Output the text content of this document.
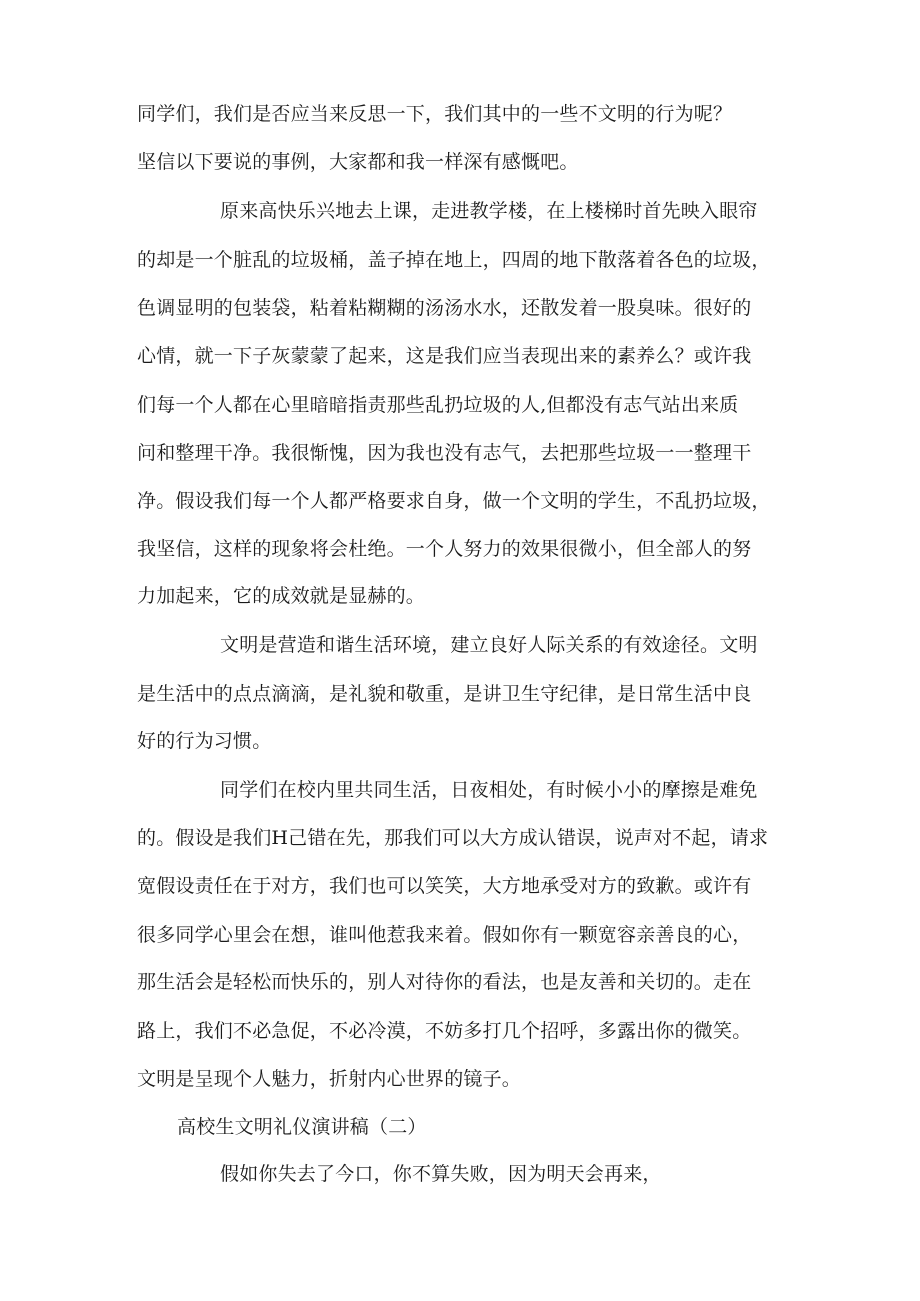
同学们，我们是否应当来反思一下，我们其中的一些不文明的行为呢？
坚信以下要说的事例，大家都和我一样深有感慨吧。
原来高快乐兴地去上课，走进教学楼，在上楼梯时首先映入眼帘
的却是一个脏乱的垃圾桶，盖子掉在地上，四周的地下散落着各色的垃圾，
色调显明的包装袋，粘着粘糊糊的汤汤水水，还散发着一股臭味。很好的
心情，就一下子灰蒙蒙了起来，这是我们应当表现出来的素养么？或许我
们每一个人都在心里暗暗指责那些乱扔垃圾的人,但都没有志气站出来质
问和整理干净。我很惭愧，因为我也没有志气，去把那些垃圾一一整理干
净。假设我们每一个人都严格要求自身，做一个文明的学生，不乱扔垃圾，
我坚信，这样的现象将会杜绝。一个人努力的效果很微小，但全部人的努
力加起来，它的成效就是显赫的。
文明是营造和谐生活环境，建立良好人际关系的有效途径。文明
是生活中的点点滴滴，是礼貌和敬重，是讲卫生守纪律，是日常生活中良
好的行为习惯。
同学们在校内里共同生活，日夜相处，有时候小小的摩擦是难免
的。假设是我们H己错在先，那我们可以大方成认错误，说声对不起，请求
宽假设责任在于对方，我们也可以笑笑，大方地承受对方的致歉。或许有
很多同学心里会在想，谁叫他惹我来着。假如你有一颗宽容亲善良的心，
那生活会是轻松而快乐的，别人对待你的看法，也是友善和关切的。走在
路上，我们不必急促，不必冷漠，不妨多打几个招呼，多露出你的微笑。
文明是呈现个人魅力，折射内心世界的镜子。
高校生文明礼仪演讲稿（二）
假如你失去了今口，你不算失败，因为明天会再来，
